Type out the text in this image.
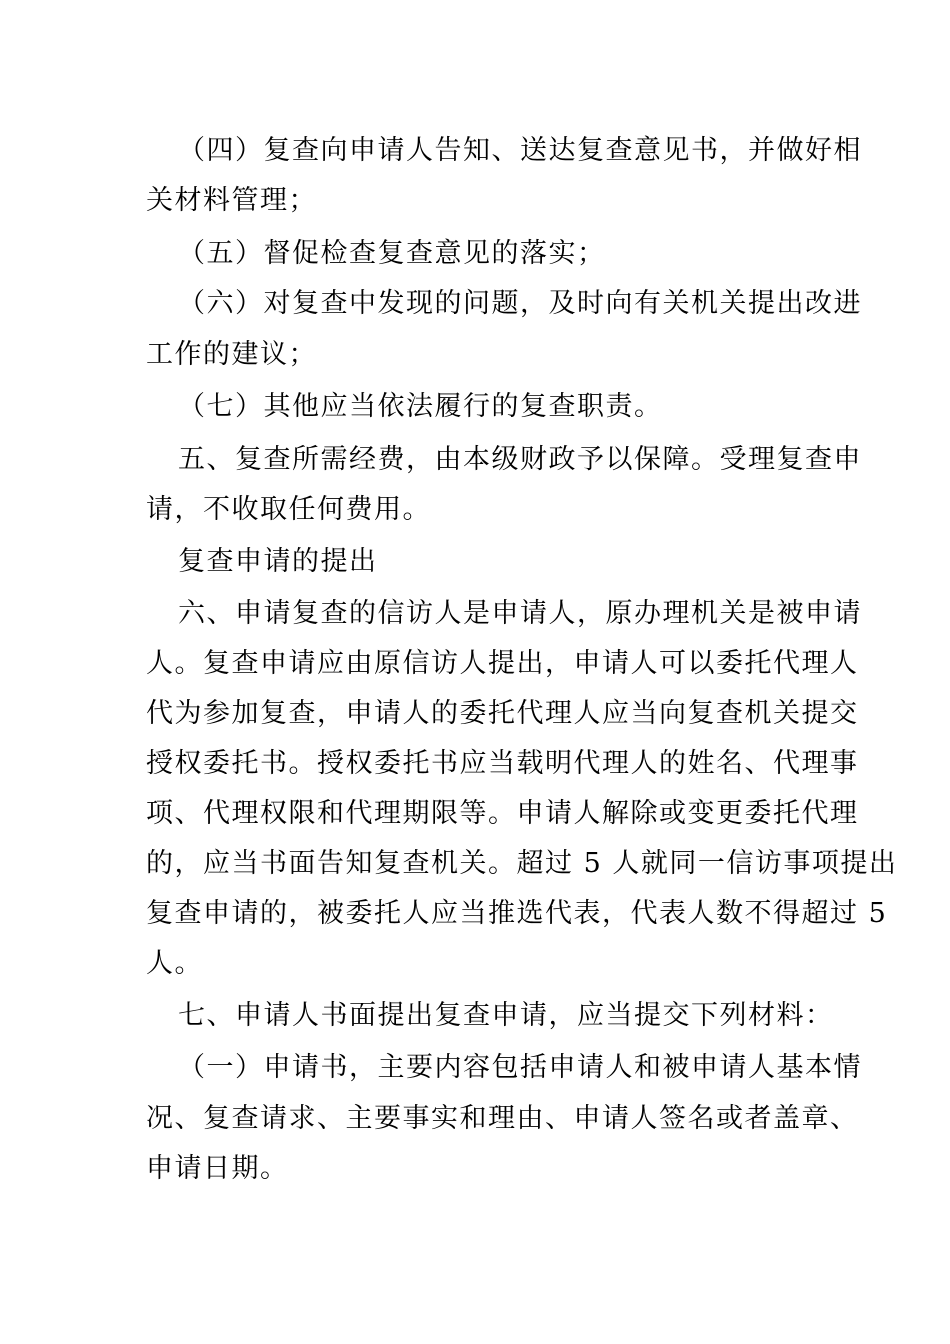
（四）复查向申请人告知、送达复查意见书，并做好相
关材料管理；
（五）督促检查复查意见的落实；
（六）对复查中发现的问题，及时向有关机关提出改进
工作的建议；
（七）其他应当依法履行的复查职责。
五、复查所需经费，由本级财政予以保障。受理复查申
请，不收取任何费用。
复查申请的提出
六、申请复查的信访人是申请人，原办理机关是被申请
人。复查申请应由原信访人提出，申请人可以委托代理人
代为参加复查，申请人的委托代理人应当向复查机关提交
授权委托书。授权委托书应当载明代理人的姓名、代理事
项、代理权限和代理期限等。申请人解除或变更委托代理
的，应当书面告知复查机关。超过 5 人就同一信访事项提出
复查申请的，被委托人应当推选代表，代表人数不得超过 5
人。
七、申请人书面提出复查申请，应当提交下列材料：
（一）申请书，主要内容包括申请人和被申请人基本情
况、复查请求、主要事实和理由、申请人签名或者盖章、
申请日期。
